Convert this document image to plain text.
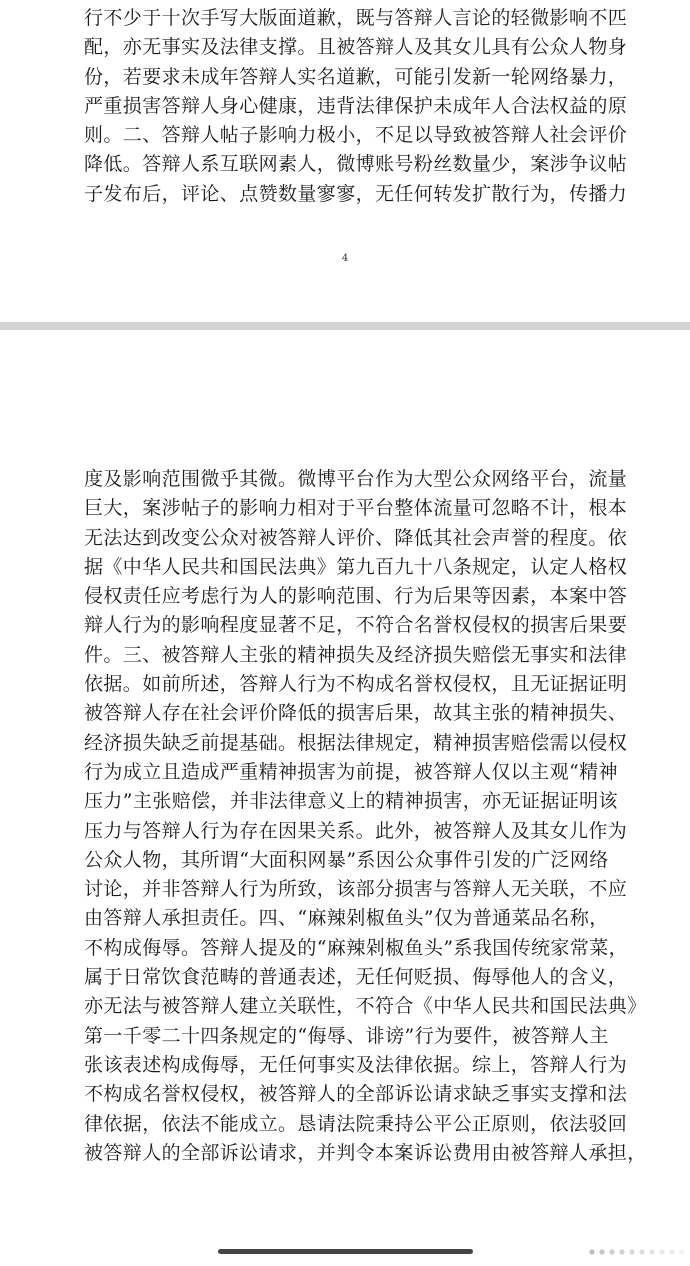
行不少于十次手写大版面道歉，既与答辩人言论的轻微影响不匹
配，亦无事实及法律支撑。且被答辩人及其女儿具有公众人物身
份，若要求未成年答辩人实名道歉，可能引发新一轮网络暴力，
严重损害答辩人身心健康，违背法律保护未成年人合法权益的原
则。二、答辩人帖子影响力极小，不足以导致被答辩人社会评价
降低。答辩人系互联网素人，微博账号粉丝数量少，案涉争议帖
子发布后，评论、点赞数量寥寥，无任何转发扩散行为，传播力
4
度及影响范围微乎其微。微博平台作为大型公众网络平台，流量
巨大，案涉帖子的影响力相对于平台整体流量可忽略不计，根本
无法达到改变公众对被答辩人评价、降低其社会声誉的程度。依
据《中华人民共和国民法典》第九百九十八条规定，认定人格权
侵权责任应考虑行为人的影响范围、行为后果等因素，本案中答
辩人行为的影响程度显著不足，不符合名誉权侵权的损害后果要
件。三、被答辩人主张的精神损失及经济损失赔偿无事实和法律
依据。如前所述，答辩人行为不构成名誉权侵权，且无证据证明
被答辩人存在社会评价降低的损害后果，故其主张的精神损失、
经济损失缺乏前提基础。根据法律规定，精神损害赔偿需以侵权
行为成立且造成严重精神损害为前提，被答辩人仅以主观“精神
压力”主张赔偿，并非法律意义上的精神损害，亦无证据证明该
压力与答辩人行为存在因果关系。此外，被答辩人及其女儿作为
公众人物，其所谓“大面积网暴”系因公众事件引发的广泛网络
讨论，并非答辩人行为所致，该部分损害与答辩人无关联，不应
由答辩人承担责任。四、“麻辣剁椒鱼头”仅为普通菜品名称，
不构成侮辱。答辩人提及的“麻辣剁椒鱼头”系我国传统家常菜，
属于日常饮食范畴的普通表述，无任何贬损、侮辱他人的含义，
亦无法与被答辩人建立关联性，不符合《中华人民共和国民法典》
第一千零二十四条规定的“侮辱、诽谤”行为要件，被答辩人主
张该表述构成侮辱，无任何事实及法律依据。综上，答辩人行为
不构成名誉权侵权，被答辩人的全部诉讼请求缺乏事实支撑和法
律依据，依法不能成立。恳请法院秉持公平公正原则，依法驳回
被答辩人的全部诉讼请求，并判令本案诉讼费用由被答辩人承担，
